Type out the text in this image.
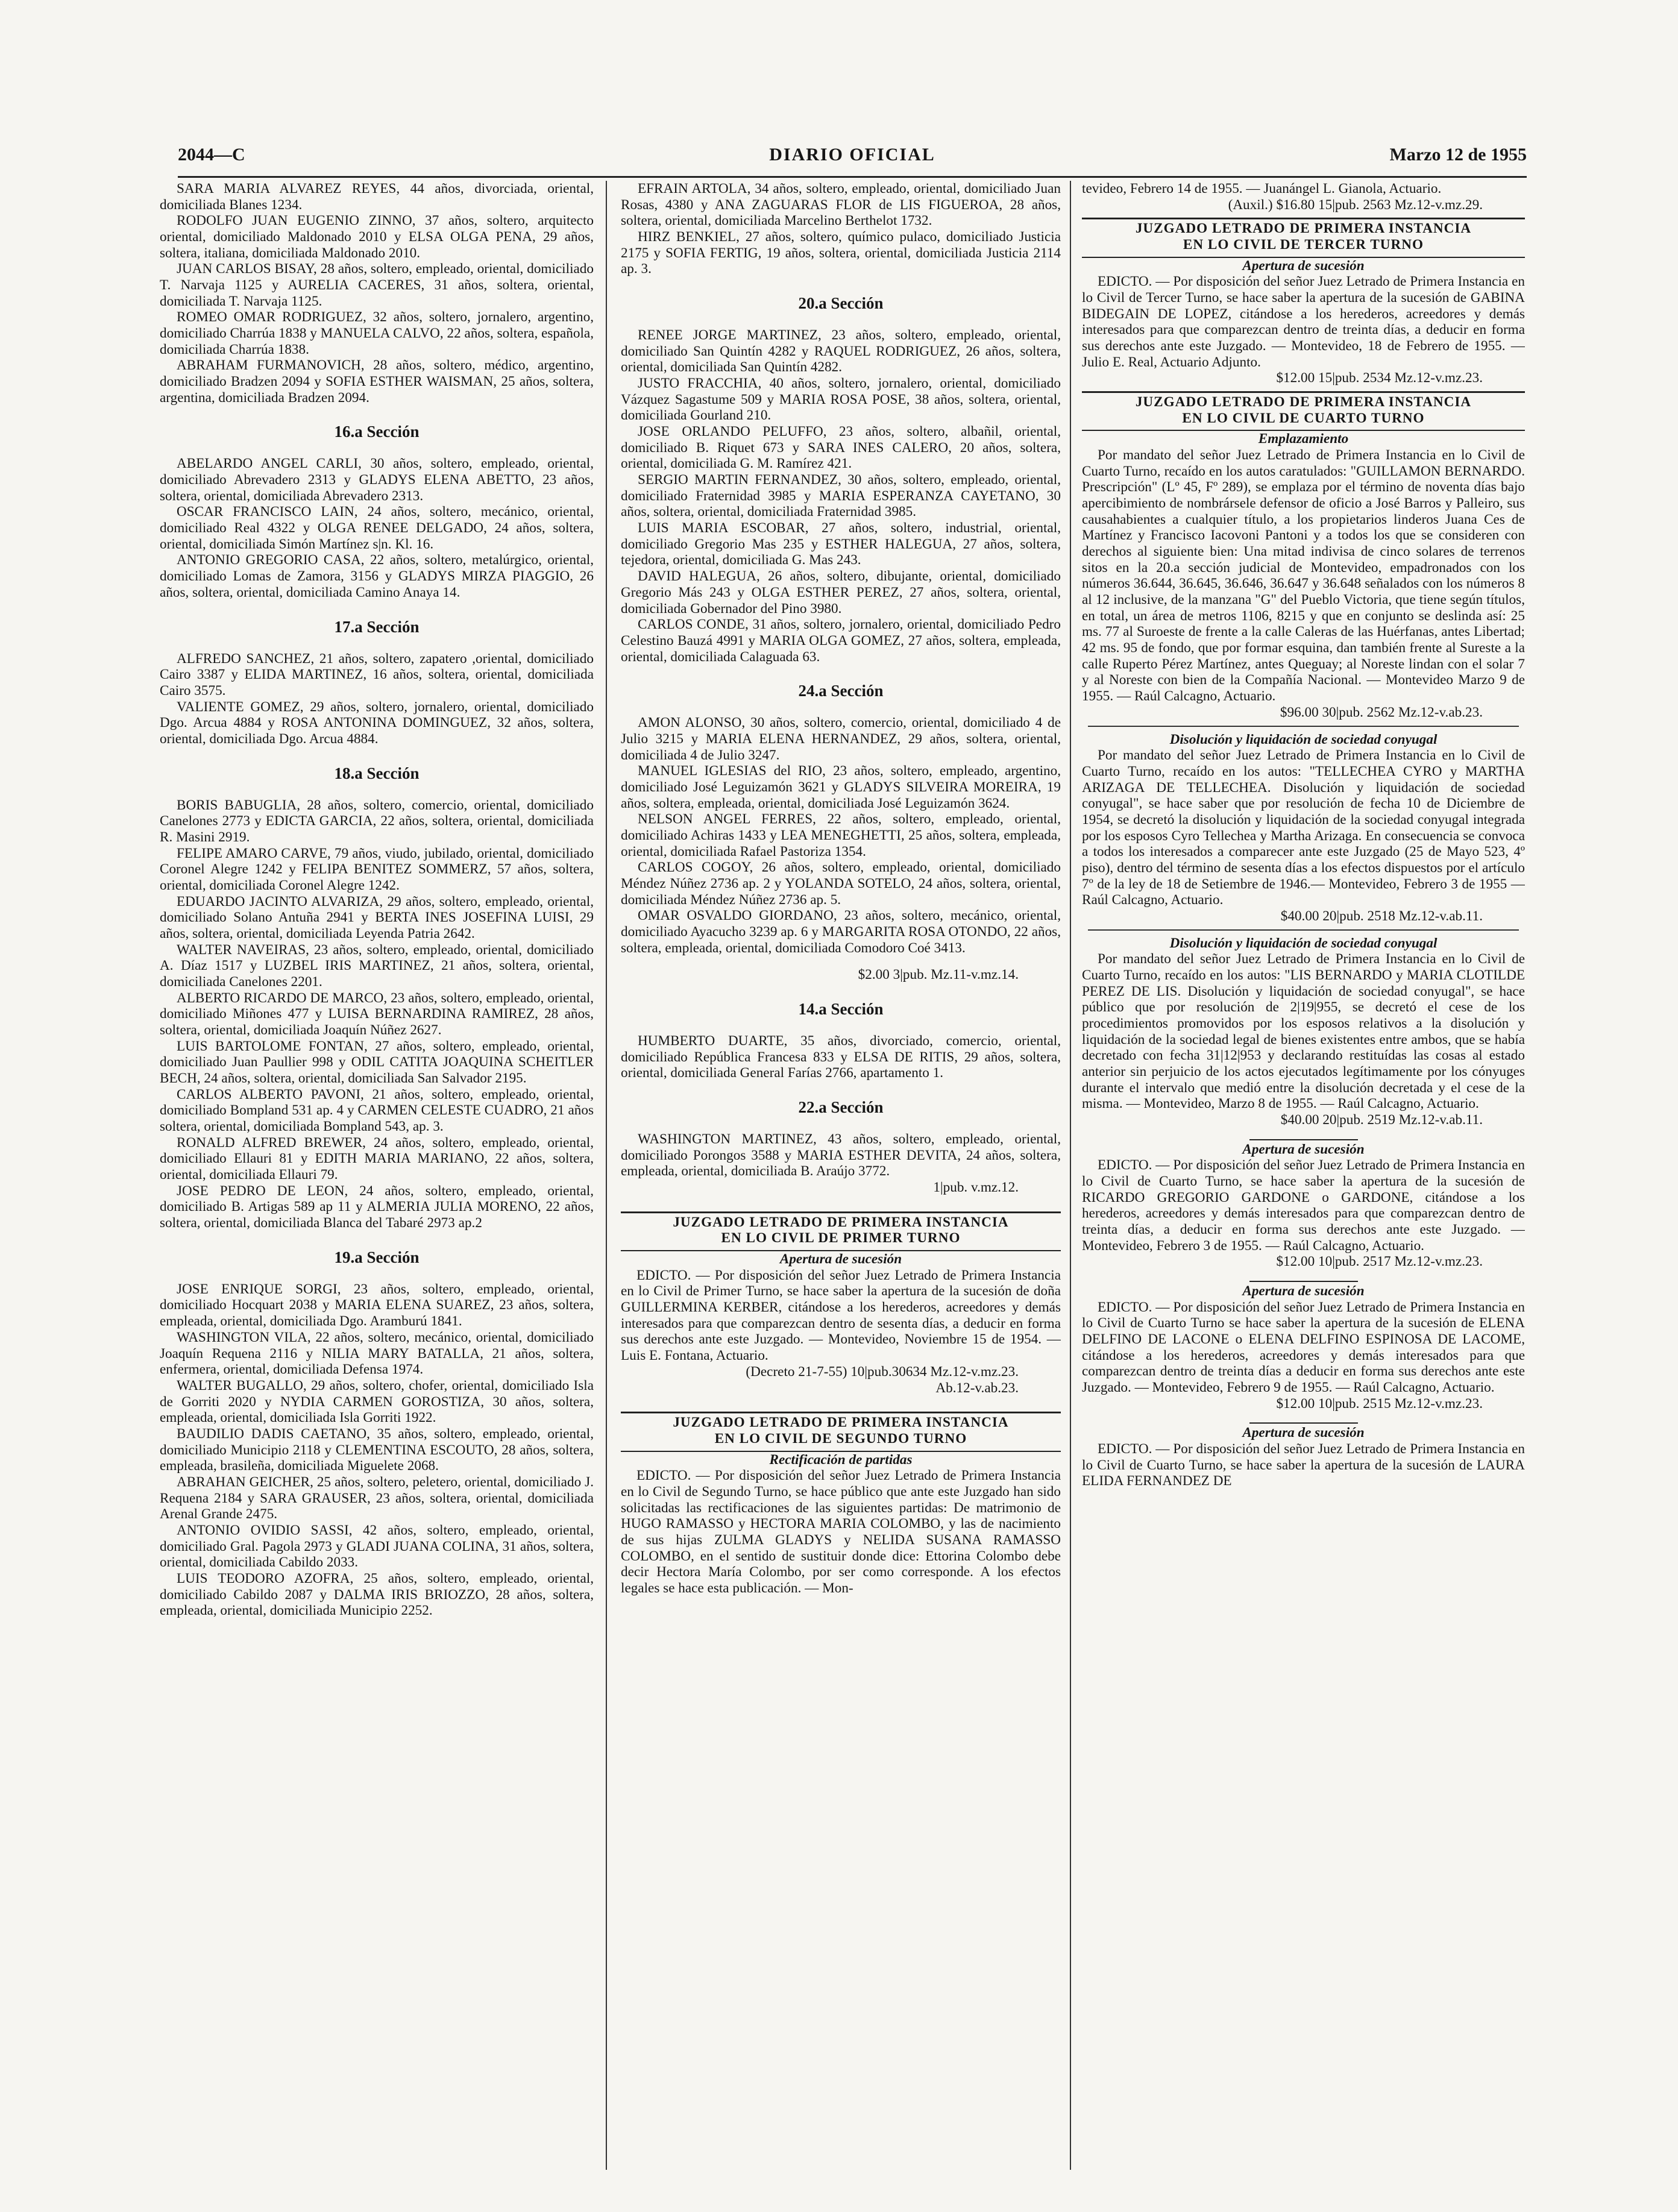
2044—C	DIARIO OFICIAL	Marzo 12 de 1955

SARA MARIA ALVAREZ REYES, 44 años, divorciada, oriental, domiciliada Blanes 1234.

RODOLFO JUAN EUGENIO ZINNO, 37 años, soltero, arquitecto oriental, domiciliado Maldonado 2010 y ELSA OLGA PENA, 29 años, soltera, italiana, domiciliada Maldonado 2010.

JUAN CARLOS BISAY, 28 años, soltero, empleado, oriental, domiciliado T. Narvaja 1125 y AURELIA CACERES, 31 años, soltera, oriental, domiciliada T. Narvaja 1125.

ROMEO OMAR RODRIGUEZ, 32 años, soltero, jornalero, argentino, domiciliado Charrúa 1838 y MANUELA CALVO, 22 años, soltera, española, domiciliada Charrúa 1838.

ABRAHAM FURMANOVICH, 28 años, soltero, médico, argentino, domiciliado Bradzen 2094 y SOFIA ESTHER WAISMAN, 25 años, soltera, argentina, domiciliada Bradzen 2094.

16.a Sección

ABELARDO ANGEL CARLI, 30 años, soltero, empleado, oriental, domiciliado Abrevadero 2313 y GLADYS ELENA ABETTO, 23 años, soltera, oriental, domiciliada Abrevadero 2313.

OSCAR FRANCISCO LAIN, 24 años, soltero, mecánico, oriental, domiciliado Real 4322 y OLGA RENEE DELGADO, 24 años, soltera, oriental, domiciliada Simón Martínez s|n. Kl. 16.

ANTONIO GREGORIO CASA, 22 años, soltero, metalúrgico, oriental, domiciliado Lomas de Zamora, 3156 y GLADYS MIRZA PIAGGIO, 26 años, soltera, oriental, domiciliada Camino Anaya 14.

17.a Sección

ALFREDO SANCHEZ, 21 años, soltero, zapatero ,oriental, domiciliado Cairo 3387 y ELIDA MARTINEZ, 16 años, soltera, oriental, domiciliada Cairo 3575.

VALIENTE GOMEZ, 29 años, soltero, jornalero, oriental, domiciliado Dgo. Arcua 4884 y ROSA ANTONINA DOMINGUEZ, 32 años, soltera, oriental, domiciliada Dgo. Arcua 4884.

18.a Sección

BORIS BABUGLIA, 28 años, soltero, comercio, oriental, domiciliado Canelones 2773 y EDICTA GARCIA, 22 años, soltera, oriental, domiciliada R. Masini 2919.

FELIPE AMARO CARVE, 79 años, viudo, jubilado, oriental, domiciliado Coronel Alegre 1242 y FELIPA BENITEZ SOMMERZ, 57 años, soltera, oriental, domiciliada Coronel Alegre 1242.

EDUARDO JACINTO ALVARIZA, 29 años, soltero, empleado, oriental, domiciliado Solano Antuña 2941 y BERTA INES JOSEFINA LUISI, 29 años, soltera, oriental, domiciliada Leyenda Patria 2642.

WALTER NAVEIRAS, 23 años, soltero, empleado, oriental, domiciliado A. Díaz 1517 y LUZBEL IRIS MARTINEZ, 21 años, soltera, oriental, domiciliada Canelones 2201.

ALBERTO RICARDO DE MARCO, 23 años, soltero, empleado, oriental, domiciliado Miñones 477 y LUISA BERNARDINA RAMIREZ, 28 años, soltera, oriental, domiciliada Joaquín Núñez 2627.

LUIS BARTOLOME FONTAN, 27 años, soltero, empleado, oriental, domiciliado Juan Paullier 998 y ODIL CATITA JOAQUINA SCHEITLER BECH, 24 años, soltera, oriental, domiciliada San Salvador 2195.

CARLOS ALBERTO PAVONI, 21 años, soltero, empleado, oriental, domiciliado Bompland 531 ap. 4 y CARMEN CELESTE CUADRO, 21 años soltera, oriental, domiciliada Bompland 543, ap. 3.

RONALD ALFRED BREWER, 24 años, soltero, empleado, oriental, domiciliado Ellauri 81 y EDITH MARIA MARIANO, 22 años, soltera, oriental, domiciliada Ellauri 79.

JOSE PEDRO DE LEON, 24 años, soltero, empleado, oriental, domiciliado B. Artigas 589 ap 11 y ALMERIA JULIA MORENO, 22 años, soltera, oriental, domiciliada Blanca del Tabaré 2973 ap.2

19.a Sección

JOSE ENRIQUE SORGI, 23 años, soltero, empleado, oriental, domiciliado Hocquart 2038 y MARIA ELENA SUAREZ, 23 años, soltera, empleada, oriental, domiciliada Dgo. Aramburú 1841.

WASHINGTON VILA, 22 años, soltero, mecánico, oriental, domiciliado Joaquín Requena 2116 y NILIA MARY BATALLA, 21 años, soltera, enfermera, oriental, domiciliada Defensa 1974.

WALTER BUGALLO, 29 años, soltero, chofer, oriental, domiciliado Isla de Gorriti 2020 y NYDIA CARMEN GOROSTIZA, 30 años, soltera, empleada, oriental, domiciliada Isla Gorriti 1922.

BAUDILIO DADIS CAETANO, 35 años, soltero, empleado, oriental, domiciliado Municipio 2118 y CLEMENTINA ESCOUTO, 28 años, soltera, empleada, brasileña, domiciliada Miguelete 2068.

ABRAHAN GEICHER, 25 años, soltero, peletero, oriental, domiciliado J. Requena 2184 y SARA GRAUSER, 23 años, soltera, oriental, domiciliada Arenal Grande 2475.

ANTONIO OVIDIO SASSI, 42 años, soltero, empleado, oriental, domiciliado Gral. Pagola 2973 y GLADI JUANA COLINA, 31 años, soltera, oriental, domiciliada Cabildo 2033.

LUIS TEODORO AZOFRA, 25 años, soltero, empleado, oriental, domiciliado Cabildo 2087 y DALMA IRIS BRIOZZO, 28 años, soltera, empleada, oriental, domiciliada Municipio 2252.

EFRAIN ARTOLA, 34 años, soltero, empleado, oriental, domiciliado Juan Rosas, 4380 y ANA ZAGUARAS FLOR de LIS FIGUEROA, 28 años, soltera, oriental, domiciliada Marcelino Berthelot 1732.

HIRZ BENKIEL, 27 años, soltero, químico pulaco, domiciliado Justicia 2175 y SOFIA FERTIG, 19 años, soltera, oriental, domiciliada Justicia 2114 ap. 3.

20.a Sección

RENEE JORGE MARTINEZ, 23 años, soltero, empleado, oriental, domiciliado San Quintín 4282 y RAQUEL RODRIGUEZ, 26 años, soltera, oriental, domiciliada San Quintín 4282.

JUSTO FRACCHIA, 40 años, soltero, jornalero, oriental, domiciliado Vázquez Sagastume 509 y MARIA ROSA POSE, 38 años, soltera, oriental, domiciliada Gourland 210.

JOSE ORLANDO PELUFFO, 23 años, soltero, albañil, oriental, domiciliado B. Riquet 673 y SARA INES CALERO, 20 años, soltera, oriental, domiciliada G. M. Ramírez 421.

SERGIO MARTIN FERNANDEZ, 30 años, soltero, empleado, oriental, domiciliado Fraternidad 3985 y MARIA ESPERANZA CAYETANO, 30 años, soltera, oriental, domiciliada Fraternidad 3985.

LUIS MARIA ESCOBAR, 27 años, soltero, industrial, oriental, domiciliado Gregorio Mas 235 y ESTHER HALEGUA, 27 años, soltera, tejedora, oriental, domiciliada G. Mas 243.

DAVID HALEGUA, 26 años, soltero, dibujante, oriental, domiciliado Gregorio Más 243 y OLGA ESTHER PEREZ, 27 años, soltera, oriental, domiciliada Gobernador del Pino 3980.

CARLOS CONDE, 31 años, soltero, jornalero, oriental, domiciliado Pedro Celestino Bauzá 4991 y MARIA OLGA GOMEZ, 27 años, soltera, empleada, oriental, domiciliada Calaguada 63.

24.a Sección

AMON ALONSO, 30 años, soltero, comercio, oriental, domiciliado 4 de Julio 3215 y MARIA ELENA HERNANDEZ, 29 años, soltera, oriental, domiciliada 4 de Julio 3247.

MANUEL IGLESIAS del RIO, 23 años, soltero, empleado, argentino, domiciliado José Leguizamón 3621 y GLADYS SILVEIRA MOREIRA, 19 años, soltera, empleada, oriental, domiciliada José Leguizamón 3624.

NELSON ANGEL FERRES, 22 años, soltero, empleado, oriental, domiciliado Achiras 1433 y LEA MENEGHETTI, 25 años, soltera, empleada, oriental, domiciliada Rafael Pastoriza 1354.

CARLOS COGOY, 26 años, soltero, empleado, oriental, domiciliado Méndez Núñez 2736 ap. 2 y YOLANDA SOTELO, 24 años, soltera, oriental, domiciliada Méndez Núñez 2736 ap. 5.

OMAR OSVALDO GIORDANO, 23 años, soltero, mecánico, oriental, domiciliado Ayacucho 3239 ap. 6 y MARGARITA ROSA OTONDO, 22 años, soltera, empleada, oriental, domiciliada Comodoro Coé 3413.

$2.00 3|pub. Mz.11-v.mz.14.

14.a Sección

HUMBERTO DUARTE, 35 años, divorciado, comercio, oriental, domiciliado República Francesa 833 y ELSA DE RITIS, 29 años, soltera, oriental, domiciliada General Farías 2766, apartamento 1.

22.a Sección

WASHINGTON MARTINEZ, 43 años, soltero, empleado, oriental, domiciliado Porongos 3588 y MARIA ESTHER DEVITA, 24 años, soltera, empleada, oriental, domiciliada B. Araújo 3772.

1|pub. v.mz.12.

JUZGADO LETRADO DE PRIMERA INSTANCIA
EN LO CIVIL DE PRIMER TURNO
Apertura de sucesión

EDICTO. — Por disposición del señor Juez Letrado de Primera Instancia en lo Civil de Primer Turno, se hace saber la apertura de la sucesión de doña GUILLERMINA KERBER, citándose a los herederos, acreedores y demás interesados para que comparezcan dentro de sesenta días, a deducir en forma sus derechos ante este Juzgado. — Montevideo, Noviembre 15 de 1954. — Luis E. Fontana, Actuario.

(Decreto 21-7-55) 10|pub.30634 Mz.12-v.mz.23.

Ab.12-v.ab.23.

JUZGADO LETRADO DE PRIMERA INSTANCIA
EN LO CIVIL DE SEGUNDO TURNO
Rectificación de partidas

EDICTO. — Por disposición del señor Juez Letrado de Primera Instancia en lo Civil de Segundo Turno, se hace público que ante este Juzgado han sido solicitadas las rectificaciones de las siguientes partidas: De matrimonio de HUGO RAMASSO y HECTORA MARIA COLOMBO, y las de nacimiento de sus hijas ZULMA GLADYS y NELIDA SUSANA RAMASSO COLOMBO, en el sentido de sustituir donde dice: Ettorina Colombo debe decir Hectora María Colombo, por ser como corresponde. A los efectos legales se hace esta publicación. — Mon-

tevideo, Febrero 14 de 1955. — Juanángel L. Gianola, Actuario.

(Auxil.) $16.80 15|pub. 2563 Mz.12-v.mz.29.

JUZGADO LETRADO DE PRIMERA INSTANCIA
EN LO CIVIL DE TERCER TURNO
Apertura de sucesión

EDICTO. — Por disposición del señor Juez Letrado de Primera Instancia en lo Civil de Tercer Turno, se hace saber la apertura de la sucesión de GABINA BIDEGAIN DE LOPEZ, citándose a los herederos, acreedores y demás interesados para que comparezcan dentro de treinta días, a deducir en forma sus derechos ante este Juzgado. — Montevideo, 18 de Febrero de 1955. — Julio E. Real, Actuario Adjunto.

$12.00 15|pub. 2534 Mz.12-v.mz.23.

JUZGADO LETRADO DE PRIMERA INSTANCIA
EN LO CIVIL DE CUARTO TURNO
Emplazamiento

Por mandato del señor Juez Letrado de Primera Instancia en lo Civil de Cuarto Turno, recaído en los autos caratulados: "GUILLAMON BERNARDO. Prescripción" (Lº 45, Fº 289), se emplaza por el término de noventa días bajo apercibimiento de nombrársele defensor de oficio a José Barros y Palleiro, sus causahabientes a cualquier título, a los propietarios linderos Juana Ces de Martínez y Francisco Iacovoni Pantoni y a todos los que se consideren con derechos al siguiente bien: Una mitad indivisa de cinco solares de terrenos sitos en la 20.a sección judicial de Montevideo, empadronados con los números 36.644, 36.645, 36.646, 36.647 y 36.648 señalados con los números 8 al 12 inclusive, de la manzana "G" del Pueblo Victoria, que tiene según títulos, en total, un área de metros 1106, 8215 y que en conjunto se deslinda así: 25 ms. 77 al Suroeste de frente a la calle Caleras de las Huérfanas, antes Libertad; 42 ms. 95 de fondo, que por formar esquina, dan también frente al Sureste a la calle Ruperto Pérez Martínez, antes Queguay; al Noreste lindan con el solar 7 y al Noreste con bien de la Compañía Nacional. — Montevideo Marzo 9 de 1955. — Raúl Calcagno, Actuario.

$96.00 30|pub. 2562 Mz.12-v.ab.23.

Disolución y liquidación de sociedad conyugal

Por mandato del señor Juez Letrado de Primera Instancia en lo Civil de Cuarto Turno, recaído en los autos: "TELLECHEA CYRO y MARTHA ARIZAGA DE TELLECHEA. Disolución y liquidación de sociedad conyugal", se hace saber que por resolución de fecha 10 de Diciembre de 1954, se decretó la disolución y liquidación de la sociedad conyugal integrada por los esposos Cyro Tellechea y Martha Arizaga. En consecuencia se convoca a todos los interesados a comparecer ante este Juzgado (25 de Mayo 523, 4º piso), dentro del término de sesenta días a los efectos dispuestos por el artículo 7º de la ley de 18 de Setiembre de 1946.— Montevideo, Febrero 3 de 1955 — Raúl Calcagno, Actuario.

$40.00 20|pub. 2518 Mz.12-v.ab.11.

Disolución y liquidación de sociedad conyugal

Por mandato del señor Juez Letrado de Primera Instancia en lo Civil de Cuarto Turno, recaído en los autos: "LIS BERNARDO y MARIA CLOTILDE PEREZ DE LIS. Disolución y liquidación de sociedad conyugal", se hace público que por resolución de 2|19|955, se decretó el cese de los procedimientos promovidos por los esposos relativos a la disolución y liquidación de la sociedad legal de bienes existentes entre ambos, que se había decretado con fecha 31|12|953 y declarando restituídas las cosas al estado anterior sin perjuicio de los actos ejecutados legítimamente por los cónyuges durante el intervalo que medió entre la disolución decretada y el cese de la misma. — Montevideo, Marzo 8 de 1955. — Raúl Calcagno, Actuario.

$40.00 20|pub. 2519 Mz.12-v.ab.11.

Apertura de sucesión

EDICTO. — Por disposición del señor Juez Letrado de Primera Instancia en lo Civil de Cuarto Turno, se hace saber la apertura de la sucesión de RICARDO GREGORIO GARDONE o GARDONE, citándose a los herederos, acreedores y demás interesados para que comparezcan dentro de treinta días, a deducir en forma sus derechos ante este Juzgado. — Montevideo, Febrero 3 de 1955. — Raúl Calcagno, Actuario.

$12.00 10|pub. 2517 Mz.12-v.mz.23.

Apertura de sucesión

EDICTO. — Por disposición del señor Juez Letrado de Primera Instancia en lo Civil de Cuarto Turno se hace saber la apertura de la sucesión de ELENA DELFINO DE LACONE o ELENA DELFINO ESPINOSA DE LACOME, citándose a los herederos, acreedores y demás interesados para que comparezcan dentro de treinta días a deducir en forma sus derechos ante este Juzgado. — Montevideo, Febrero 9 de 1955. — Raúl Calcagno, Actuario.

$12.00 10|pub. 2515 Mz.12-v.mz.23.

Apertura de sucesión

EDICTO. — Por disposición del señor Juez Letrado de Primera Instancia en lo Civil de Cuarto Turno, se hace saber la apertura de la sucesión de LAURA ELIDA FERNANDEZ DE
